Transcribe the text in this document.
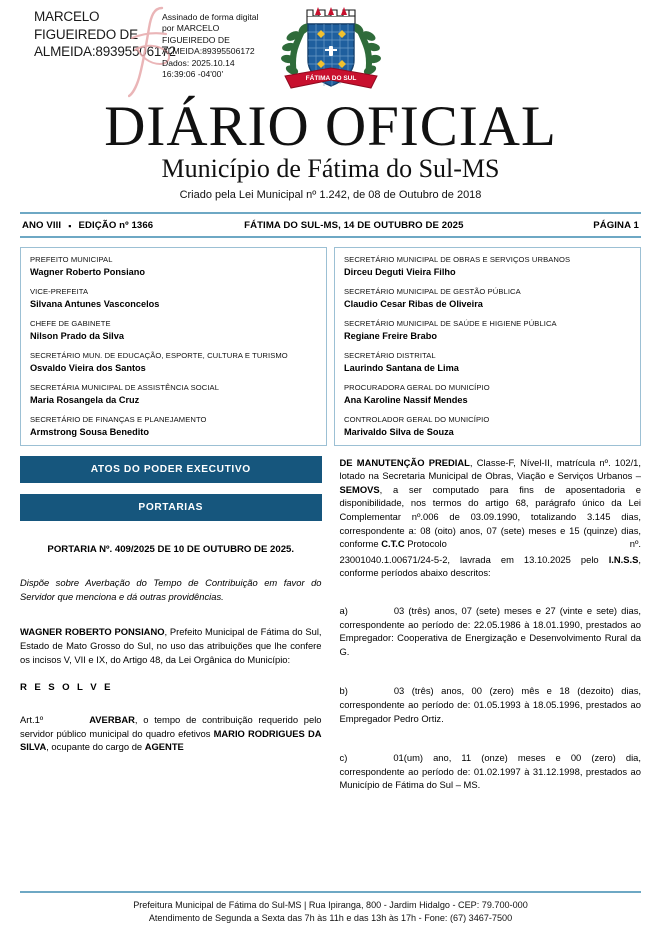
MARCELO FIGUEIREDO DE ALMEIDA:89395506172
Assinado de forma digital
por MARCELO
FIGUEIREDO DE
ALMEIDA:89395506172
Dados: 2025.10.14
16:39:06 -04'00'	FÁTIMA DO SUL
DIÁRIO OFICIAL
Município de Fátima do Sul-MS
Criado pela Lei Municipal nº 1.242, de 08 de Outubro de 2018
ANO VIII ▪ EDIÇÃO nº 1366	FÁTIMA DO SUL-MS, 14 DE OUTUBRO DE 2025	PÁGINA 1
PREFEITO MUNICIPAL
Wagner Roberto Ponsiano
VICE-PREFEITA
Silvana Antunes Vasconcelos
CHEFE DE GABINETE
Nilson Prado da Silva
SECRETÁRIO MUN. DE EDUCAÇÃO, ESPORTE, CULTURA E TURISMO
Osvaldo Vieira dos Santos
SECRETÁRIA MUNICIPAL DE ASSISTÊNCIA SOCIAL
Maria Rosangela da Cruz
SECRETÁRIO DE FINANÇAS E PLANEJAMENTO
Armstrong Sousa Benedito
SECRETÁRIO MUNICIPAL DE OBRAS E SERVIÇOS URBANOS
Dirceu Deguti Vieira Filho
SECRETÁRIO MUNICIPAL DE GESTÃO PÚBLICA
Claudio Cesar Ribas de Oliveira
SECRETÁRIO MUNICIPAL DE SAÚDE E HIGIENE PÚBLICA
Regiane Freire Brabo
SECRETÁRIO DISTRITAL
Laurindo Santana de Lima
PROCURADORA GERAL DO MUNICÍPIO
Ana Karoline Nassif Mendes
CONTROLADOR GERAL DO MUNICÍPIO
Marivaldo Silva de Souza
ATOS DO PODER EXECUTIVO
PORTARIAS

PORTARIA Nº. 409/2025 DE 10 DE OUTUBRO DE 2025.

Dispõe sobre Averbação do Tempo de Contribuição em favor do Servidor que menciona e dá outras providências.

WAGNER ROBERTO PONSIANO, Prefeito Municipal de Fátima do Sul, Estado de Mato Grosso do Sul, no uso das atribuições que lhe confere os incisos V, VII e IX, do Artigo 48, da Lei Orgânica do Município:

R E S O L V E

Art.1º	AVERBAR, o tempo de contribuição requerido pelo servidor público municipal do quadro efetivos MARIO RODRIGUES DA SILVA, ocupante do cargo de AGENTE

DE MANUTENÇÃO PREDIAL, Classe-F, Nível-II, matrícula nº. 102/1, lotado na Secretaria Municipal de Obras, Viação e Serviços Urbanos – SEMOVS, a ser computado para fins de aposentadoria e disponibilidade, nos termos do artigo 68, parágrafo único da Lei Complementar nº.006 de 03.09.1990, totalizando 3.145 dias, correspondente a: 08 (oito) anos, 07 (sete) meses e 15 (quinze) dias, conforme C.T.C Protocolo	nº.

23001040.1.00671/24-5-2, lavrada em 13.10.2025 pelo I.N.S.S, conforme períodos abaixo descritos:

a)	03 (três) anos, 07 (sete) meses e 27 (vinte e sete) dias, correspondente ao período de: 22.05.1986 à 18.01.1990, prestados ao Empregador: Cooperativa de Energização e Desenvolvimento Rural da G.

b)	03 (três) anos, 00 (zero) mês e 18 (dezoito) dias, correspondente ao período de: 01.05.1993 à 18.05.1996, prestados ao Empregador Pedro Ortiz.

c)	01(um) ano, 11 (onze) meses e 00 (zero) dia, correspondente ao período de: 01.02.1997 à 31.12.1998, prestados ao Município de Fátima do Sul – MS.

Prefeitura Municipal de Fátima do Sul-MS | Rua Ipiranga, 800 - Jardim Hidalgo - CEP: 79.700-000
Atendimento de Segunda a Sexta das 7h às 11h e das 13h às 17h - Fone: (67) 3467-7500
